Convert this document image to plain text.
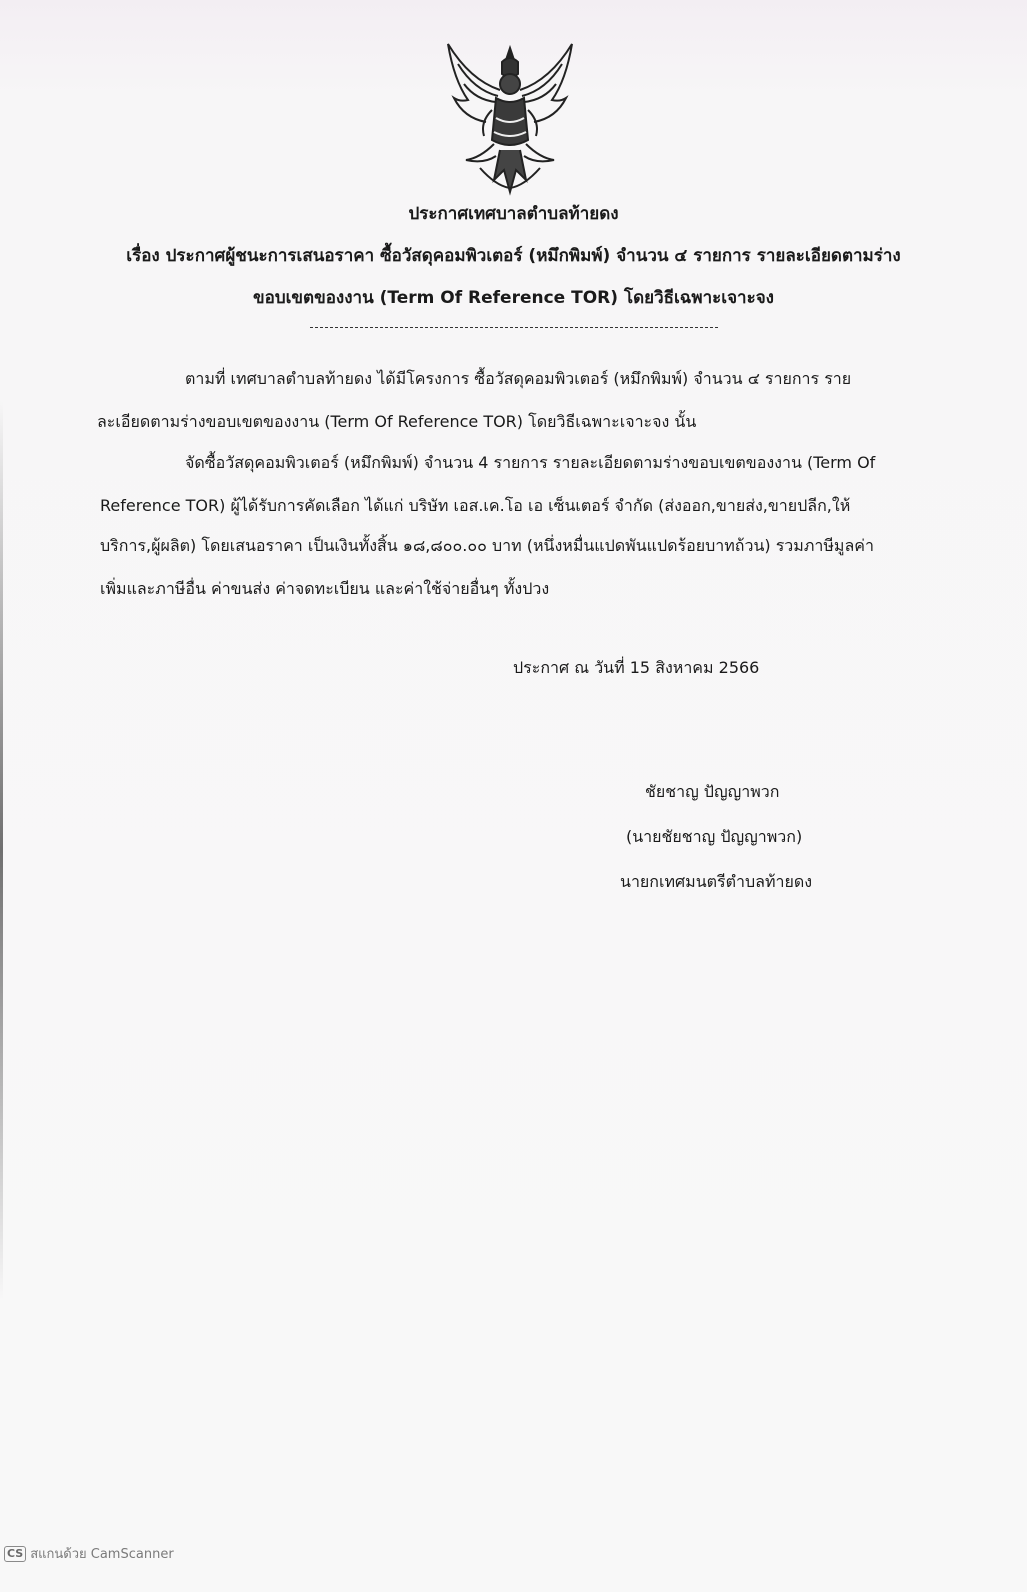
ประกาศเทศบาลตำบลท้ายดง
เรื่อง ประกาศผู้ชนะการเสนอราคา ซื้อวัสดุคอมพิวเตอร์ (หมึกพิมพ์) จำนวน ๔ รายการ รายละเอียดตามร่าง
ขอบเขตของงาน (Term Of Reference TOR) โดยวิธีเฉพาะเจาะจง
ตามที่ เทศบาลตำบลท้ายดง ได้มีโครงการ ซื้อวัสดุคอมพิวเตอร์ (หมึกพิมพ์) จำนวน ๔ รายการ ราย
ละเอียดตามร่างขอบเขตของงาน (Term Of Reference TOR) โดยวิธีเฉพาะเจาะจง นั้น
จัดซื้อวัสดุคอมพิวเตอร์ (หมึกพิมพ์) จำนวน 4 รายการ รายละเอียดตามร่างขอบเขตของงาน (Term Of
Reference TOR) ผู้ได้รับการคัดเลือก ได้แก่ บริษัท เอส.เค.โอ เอ เซ็นเตอร์ จำกัด (ส่งออก,ขายส่ง,ขายปลีก,ให้
บริการ,ผู้ผลิต) โดยเสนอราคา เป็นเงินทั้งสิ้น ๑๘,๘๐๐.๐๐ บาท (หนึ่งหมื่นแปดพันแปดร้อยบาทถ้วน) รวมภาษีมูลค่า
เพิ่มและภาษีอื่น ค่าขนส่ง ค่าจดทะเบียน และค่าใช้จ่ายอื่นๆ ทั้งปวง
ประกาศ ณ วันที่ 15 สิงหาคม 2566
ชัยชาญ ปัญญาพวก
(นายชัยชาญ ปัญญาพวก)
นายกเทศมนตรีตำบลท้ายดง
CS สแกนด้วย CamScanner
